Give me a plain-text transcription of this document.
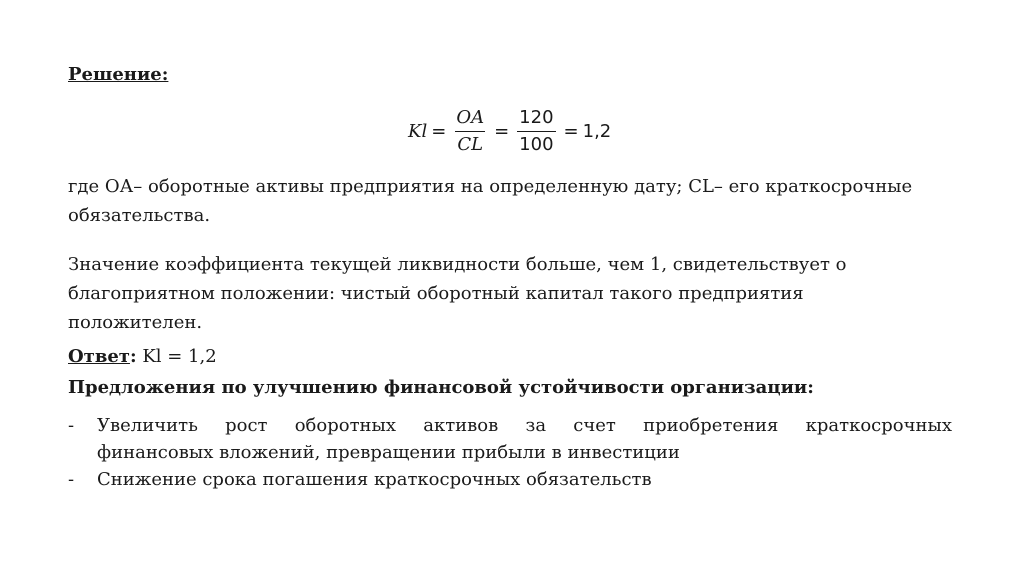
Решение:
$Kl = \frac{OA}{CL} = \frac{120}{100} = 1,2$
где ОА– оборотные активы предприятия на определенную дату; CL– его краткосрочные обязательства.
Значение коэффициента текущей ликвидности больше, чем 1, свидетельствует о благоприятном положении: чистый оборотный капитал такого предприятия положителен.
Ответ: Kl = 1,2
Предложения по улучшению финансовой устойчивости организации:
- Увеличить рост оборотных активов за счет приобретения краткосрочных
финансовых вложений, превращении прибыли в инвестиции
- Снижение срока погашения краткосрочных обязательств
